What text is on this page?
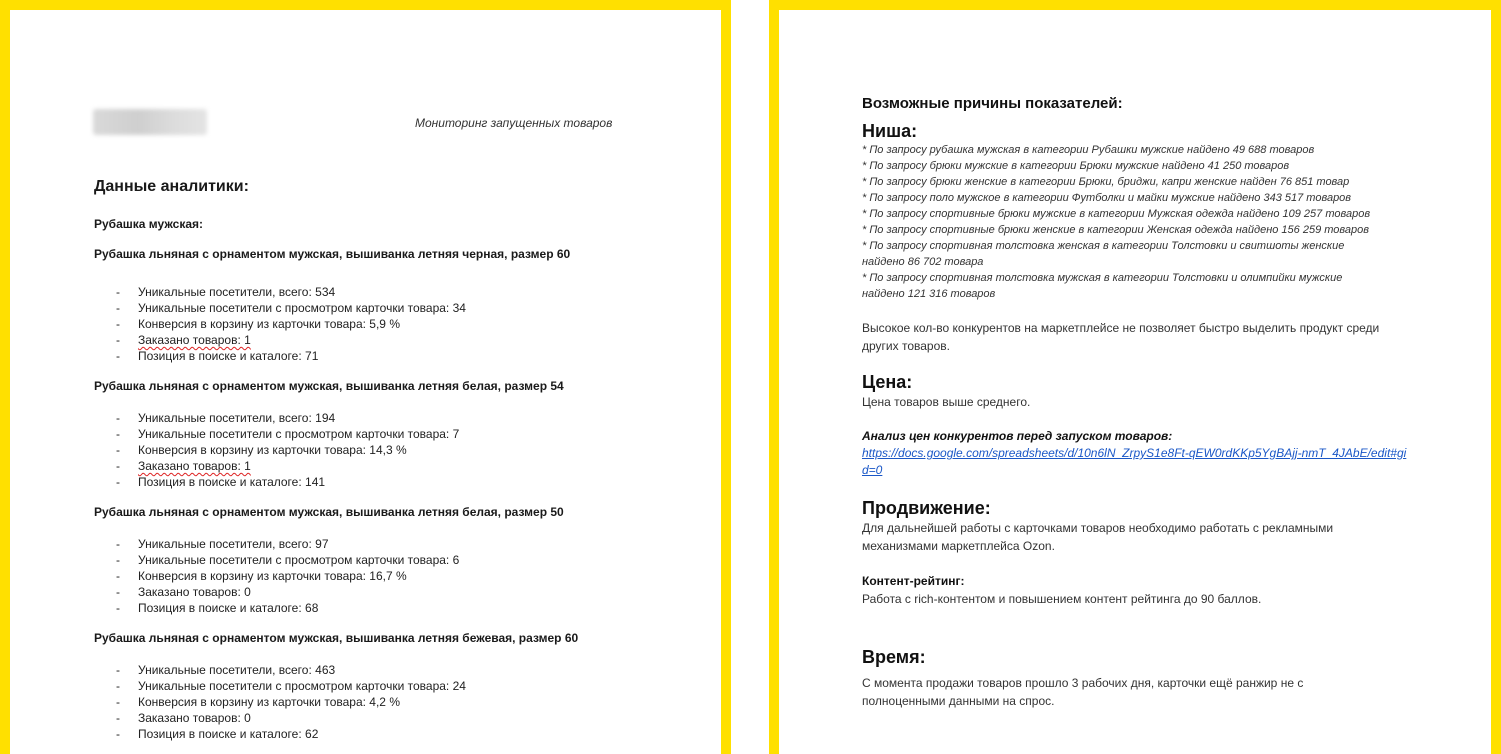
Мониторинг запущенных товаров
Данные аналитики:
Рубашка мужская:
Рубашка льняная с орнаментом мужская, вышиванка летняя черная, размер 60
- Уникальные посетители, всего: 534
- Уникальные посетители с просмотром карточки товара: 34
- Конверсия в корзину из карточки товара: 5,9 %
- Заказано товаров: 1
- Позиция в поиске и каталоге: 71
Рубашка льняная с орнаментом мужская, вышиванка летняя белая, размер 54
- Уникальные посетители, всего: 194
- Уникальные посетители с просмотром карточки товара: 7
- Конверсия в корзину из карточки товара: 14,3 %
- Заказано товаров: 1
- Позиция в поиске и каталоге: 141
Рубашка льняная с орнаментом мужская, вышиванка летняя белая, размер 50
- Уникальные посетители, всего: 97
- Уникальные посетители с просмотром карточки товара: 6
- Конверсия в корзину из карточки товара: 16,7 %
- Заказано товаров: 0
- Позиция в поиске и каталоге: 68
Рубашка льняная с орнаментом мужская, вышиванка летняя бежевая, размер 60
- Уникальные посетители, всего: 463
- Уникальные посетители с просмотром карточки товара: 24
- Конверсия в корзину из карточки товара: 4,2 %
- Заказано товаров: 0
- Позиция в поиске и каталоге: 62
Возможные причины показателей:
Ниша:
* По запросу рубашка мужская в категории Рубашки мужские найдено 49 688 товаров
* По запросу брюки мужские в категории Брюки мужские найдено 41 250 товаров
* По запросу брюки женские в категории Брюки, бриджи, капри женские найден 76 851 товар
* По запросу поло мужское в категории Футболки и майки мужские найдено 343 517 товаров
* По запросу спортивные брюки мужские в категории Мужская одежда найдено 109 257 товаров
* По запросу спортивные брюки женские в категории Женская одежда найдено 156 259 товаров
* По запросу спортивная толстовка женская в категории Толстовки и свитшоты женские найдено 86 702 товара
* По запросу спортивная толстовка мужская в категории Толстовки и олимпийки мужские найдено 121 316 товаров

Высокое кол-во конкурентов на маркетплейсе не позволяет быстро выделить продукт среди других товаров.

Цена:

Цена товаров выше среднего.

Анализ цен конкурентов перед запуском товаров:

https://docs.google.com/spreadsheets/d/10n6lN_ZrpyS1e8Ft-qEW0rdKKp5YgBAjj-nmT_4JAbE/edit#gid=0
Продвижение:

Для дальнейшей работы с карточками товаров необходимо работать с рекламными механизмами маркетплейса Ozon.

Контент-рейтинг:

Работа с rich-контентом и повышением контент рейтинга до 90 баллов.

Время:

С момента продажи товаров прошло 3 рабочих дня, карточки ещё ранжир не с полноценными данными на спрос.
